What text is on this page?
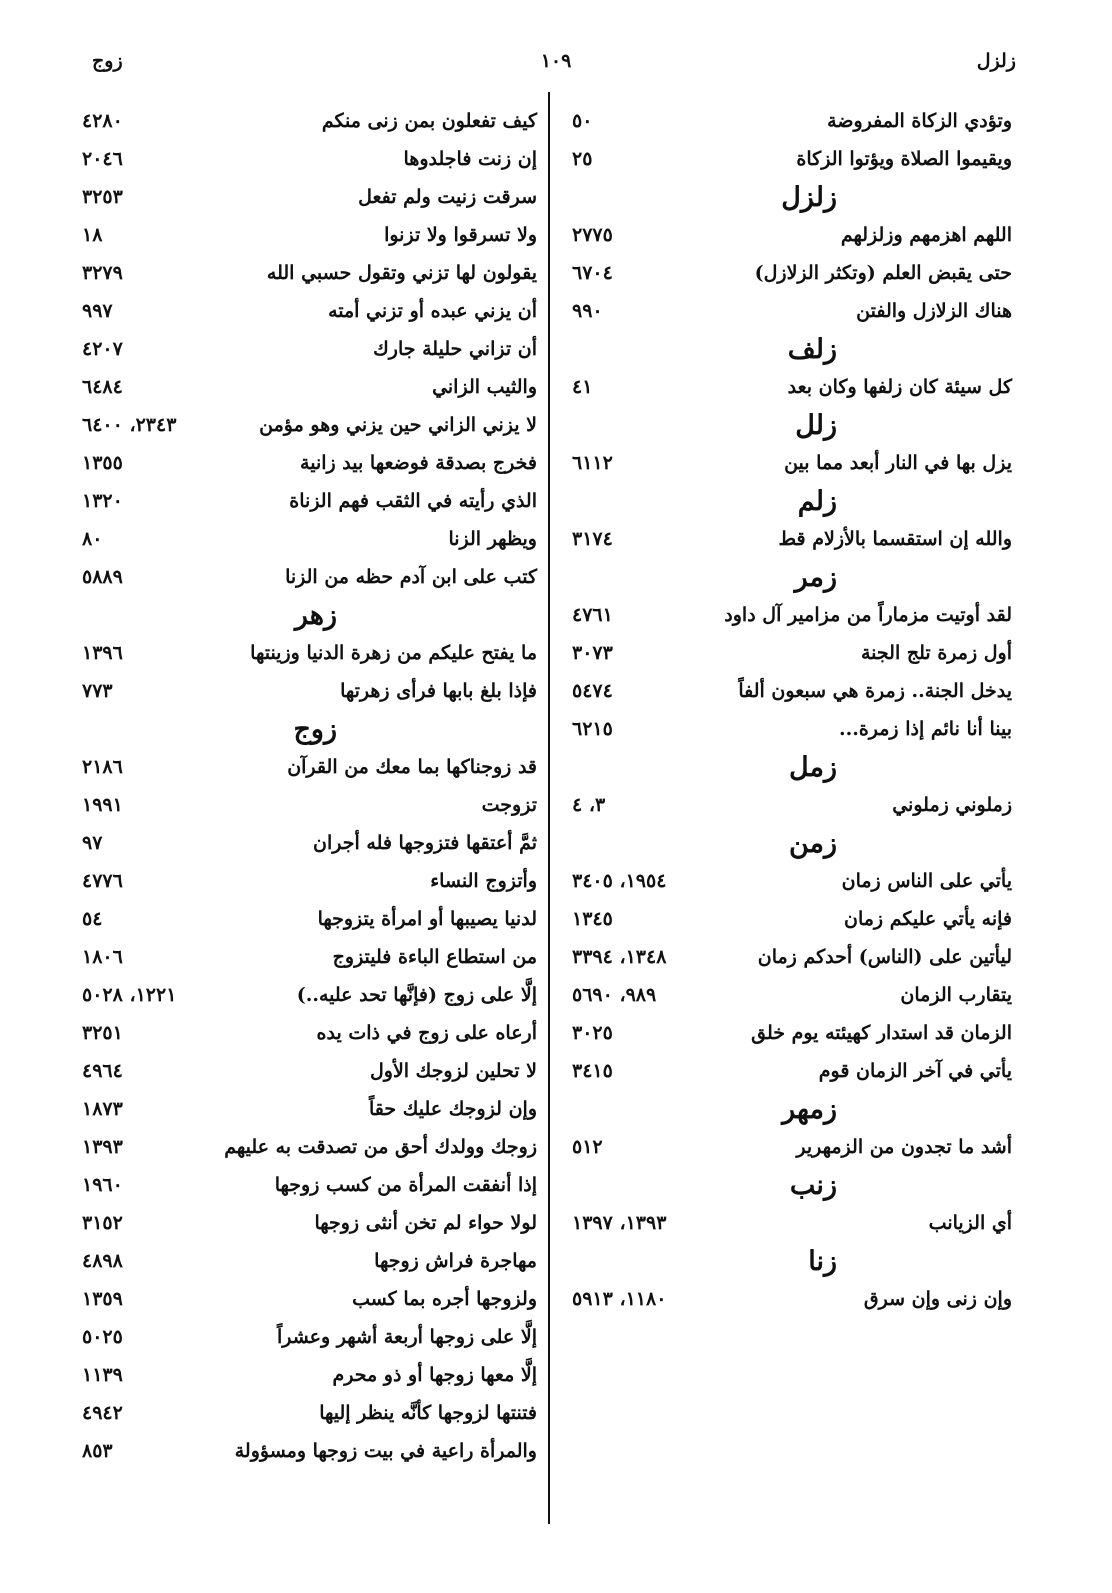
زلزل
١٠٩
زوج
وتؤدي الزكاة المفروضة
٥٠
ويقيموا الصلاة ويؤتوا الزكاة
٢٥
زلزل
اللهم اهزمهم وزلزلهم
٢٧٧٥
حتى يقبض العلم (وتكثر الزلازل)
٦٧٠٤
هناك الزلازل والفتن
٩٩٠
زلف
كل سيئة كان زلفها وكان بعد
٤١
زلل
يزل بها في النار أبعد مما بين
٦١١٢
زلم
والله إن استقسما بالأزلام قط
٣١٧٤
زمر
لقد أوتيت مزماراً من مزامير آل داود
٤٧٦١
أول زمرة تلج الجنة
٣٠٧٣
يدخل الجنة.. زمرة هي سبعون ألفاً
٥٤٧٤
بينا أنا نائم إذا زمرة...
٦٢١٥
زمل
زملوني زملوني
٣، ٤
زمن
يأتي على الناس زمان
١٩٥٤، ٣٤٠٥
فإنه يأتي عليكم زمان
١٣٤٥
ليأتين على (الناس) أحدكم زمان
١٣٤٨، ٣٣٩٤
يتقارب الزمان
٩٨٩، ٥٦٩٠
الزمان قد استدار كهيئته يوم خلق
٣٠٢٥
يأتي في آخر الزمان قوم
٣٤١٥
زمهر
أشد ما تجدون من الزمهرير
٥١٢
زنب
أي الزيانب
١٣٩٣، ١٣٩٧
زنا
وإن زنى وإن سرق
١١٨٠، ٥٩١٣
كيف تفعلون بمن زنى منكم
٤٢٨٠
إن زنت فاجلدوها
٢٠٤٦
سرقت زنيت ولم تفعل
٣٢٥٣
ولا تسرقوا ولا تزنوا
١٨
يقولون لها تزني وتقول حسبي الله
٣٢٧٩
أن يزني عبده أو تزني أمته
٩٩٧
أن تزاني حليلة جارك
٤٢٠٧
والثيب الزاني
٦٤٨٤
لا يزني الزاني حين يزني وهو مؤمن
٢٣٤٣، ٦٤٠٠
فخرج بصدقة فوضعها بيد زانية
١٣٥٥
الذي رأيته في الثقب فهم الزناة
١٣٢٠
ويظهر الزنا
٨٠
كتب على ابن آدم حظه من الزنا
٥٨٨٩
زهر
ما يفتح عليكم من زهرة الدنيا وزينتها
١٣٩٦
فإذا بلغ بابها فرأى زهرتها
٧٧٣
زوج
قد زوجناكها بما معك من القرآن
٢١٨٦
تزوجت
١٩٩١
ثمَّ أعتقها فتزوجها فله أجران
٩٧
وأتزوج النساء
٤٧٧٦
لدنيا يصيبها أو امرأة يتزوجها
٥٤
من استطاع الباءة فليتزوج
١٨٠٦
إلَّا على زوج (فإنَّها تحد عليه..)
١٢٢١، ٥٠٢٨
أرعاه على زوج في ذات يده
٣٢٥١
لا تحلين لزوجك الأول
٤٩٦٤
وإن لزوجك عليك حقاً
١٨٧٣
زوجك وولدك أحق من تصدقت به عليهم
١٣٩٣
إذا أنفقت المرأة من كسب زوجها
١٩٦٠
لولا حواء لم تخن أنثى زوجها
٣١٥٢
مهاجرة فراش زوجها
٤٨٩٨
ولزوجها أجره بما كسب
١٣٥٩
إلَّا على زوجها أربعة أشهر وعشراً
٥٠٢٥
إلَّا معها زوجها أو ذو محرم
١١٣٩
فتنتها لزوجها كأنَّه ينظر إليها
٤٩٤٢
والمرأة راعية في بيت زوجها ومسؤولة
٨٥٣
